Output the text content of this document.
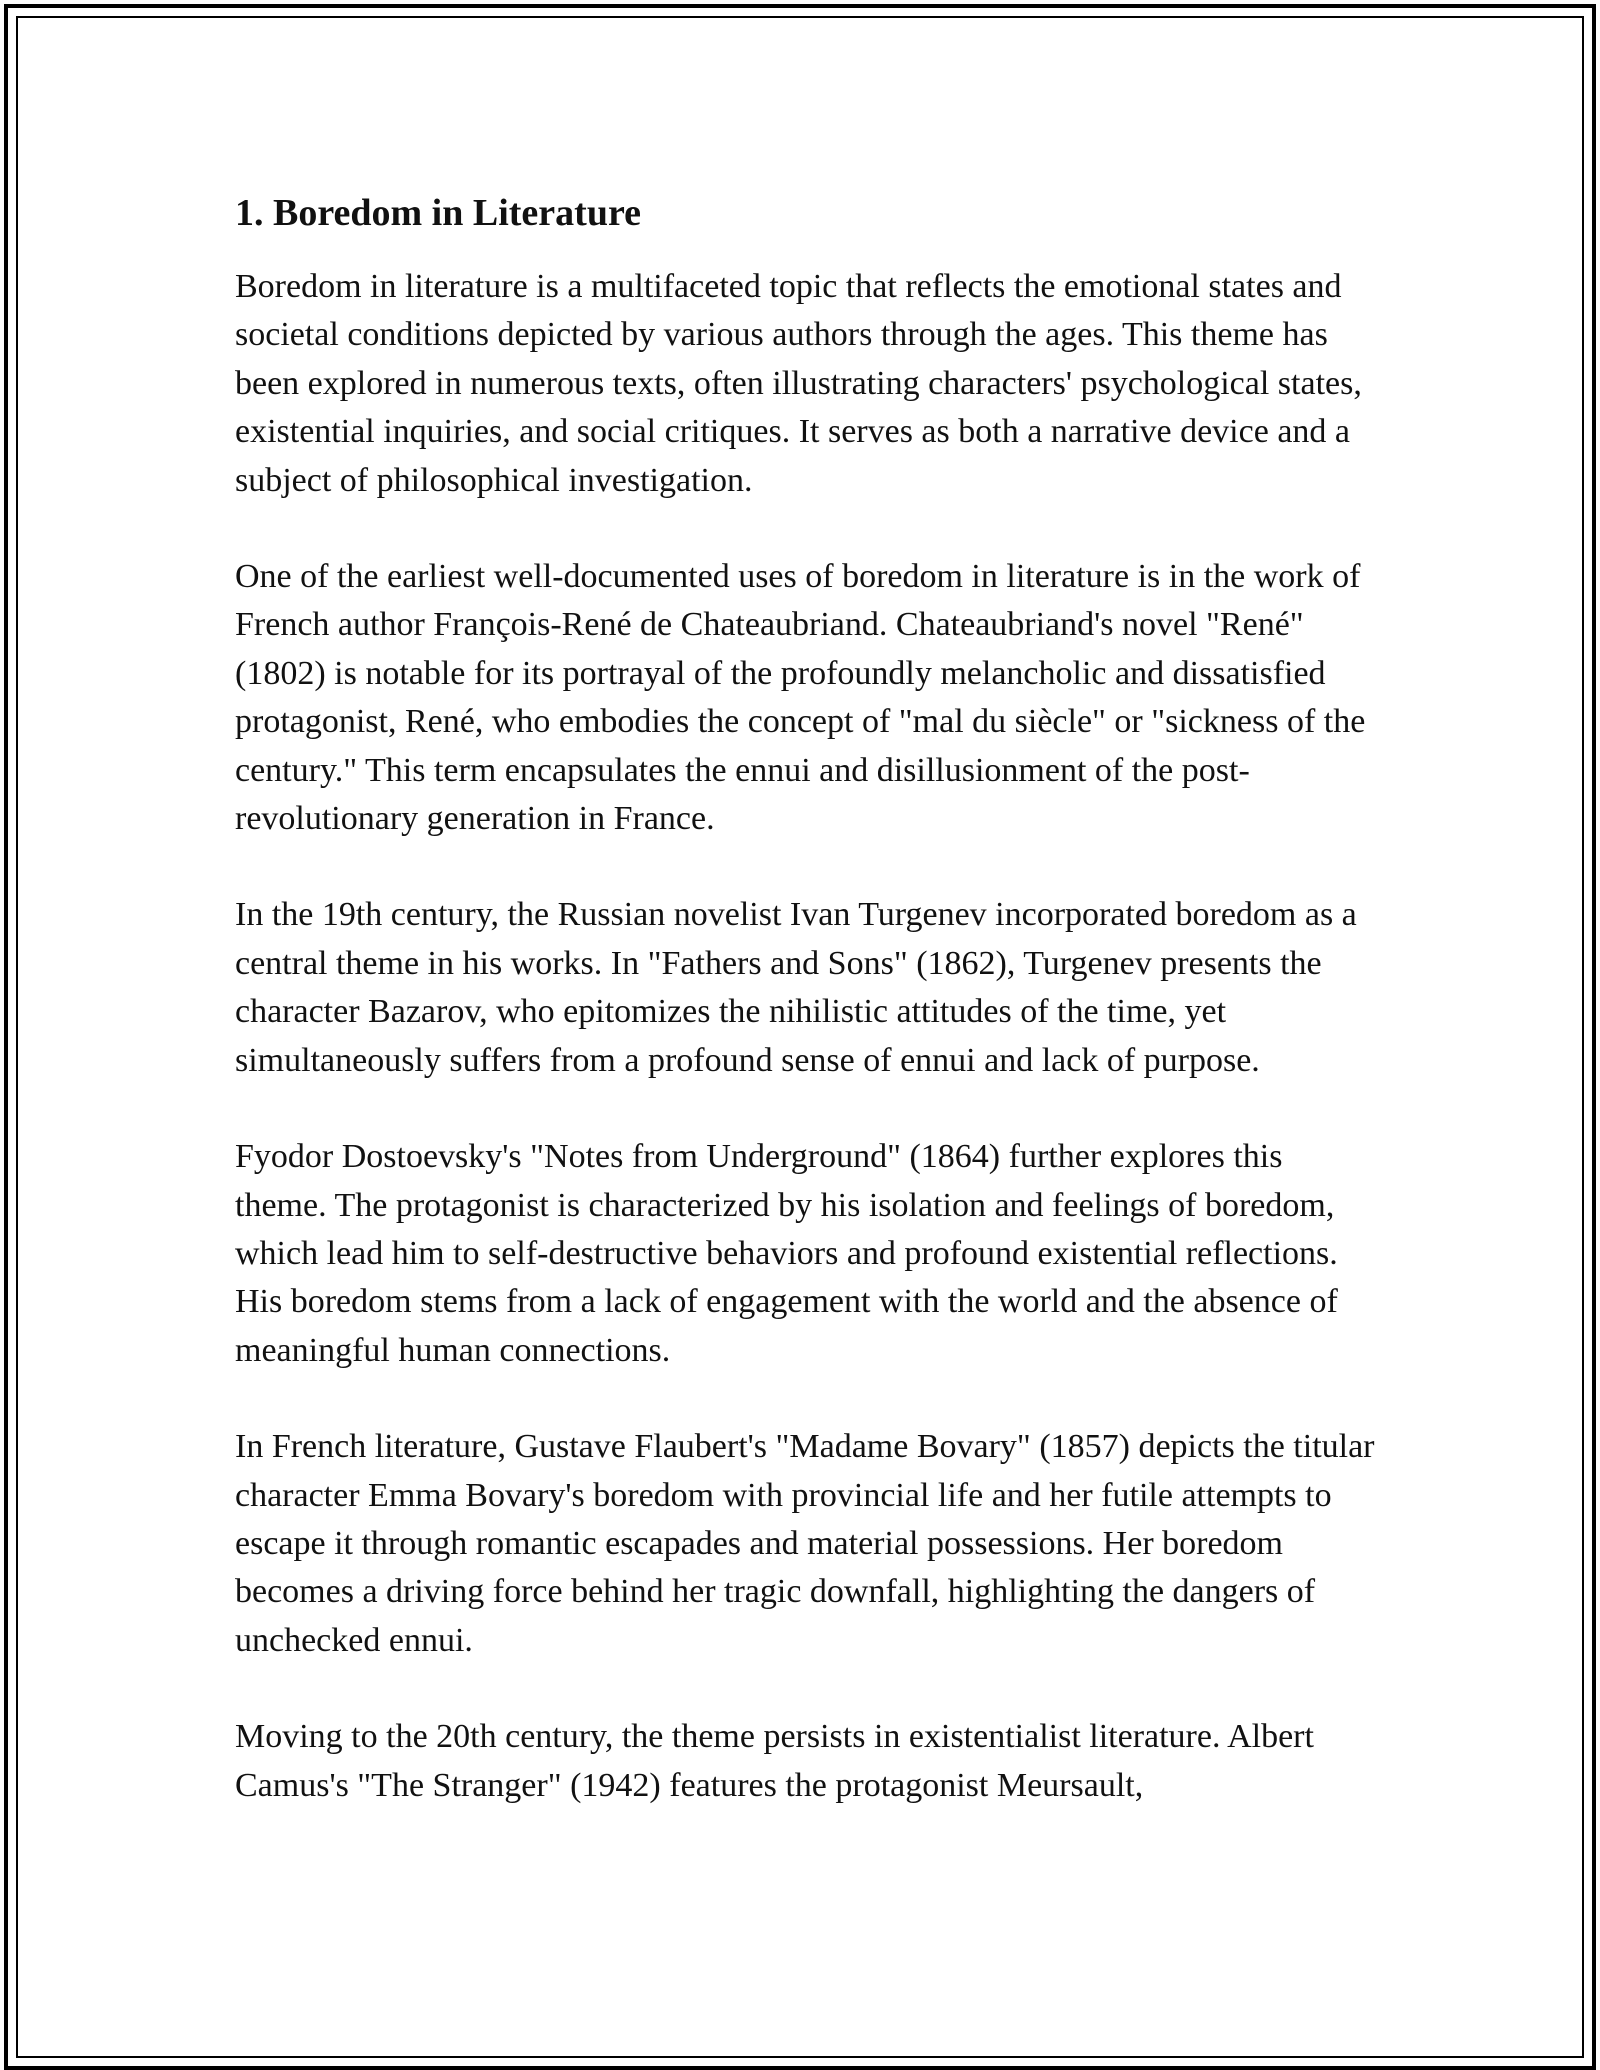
1. Boredom in Literature

Boredom in literature is a multifaceted topic that reflects the emotional states and societal conditions depicted by various authors through the ages. This theme has been explored in numerous texts, often illustrating characters' psychological states, existential inquiries, and social critiques. It serves as both a narrative device and a subject of philosophical investigation.

One of the earliest well-documented uses of boredom in literature is in the work of French author François-René de Chateaubriand. Chateaubriand's novel "René" (1802) is notable for its portrayal of the profoundly melancholic and dissatisfied protagonist, René, who embodies the concept of "mal du siècle" or "sickness of the century." This term encapsulates the ennui and disillusionment of the post-revolutionary generation in France.

In the 19th century, the Russian novelist Ivan Turgenev incorporated boredom as a central theme in his works. In "Fathers and Sons" (1862), Turgenev presents the character Bazarov, who epitomizes the nihilistic attitudes of the time, yet simultaneously suffers from a profound sense of ennui and lack of purpose.

Fyodor Dostoevsky's "Notes from Underground" (1864) further explores this theme. The protagonist is characterized by his isolation and feelings of boredom, which lead him to self-destructive behaviors and profound existential reflections. His boredom stems from a lack of engagement with the world and the absence of meaningful human connections.

In French literature, Gustave Flaubert's "Madame Bovary" (1857) depicts the titular character Emma Bovary's boredom with provincial life and her futile attempts to escape it through romantic escapades and material possessions. Her boredom becomes a driving force behind her tragic downfall, highlighting the dangers of unchecked ennui.

Moving to the 20th century, the theme persists in existentialist literature. Albert Camus's "The Stranger" (1942) features the protagonist Meursault,
